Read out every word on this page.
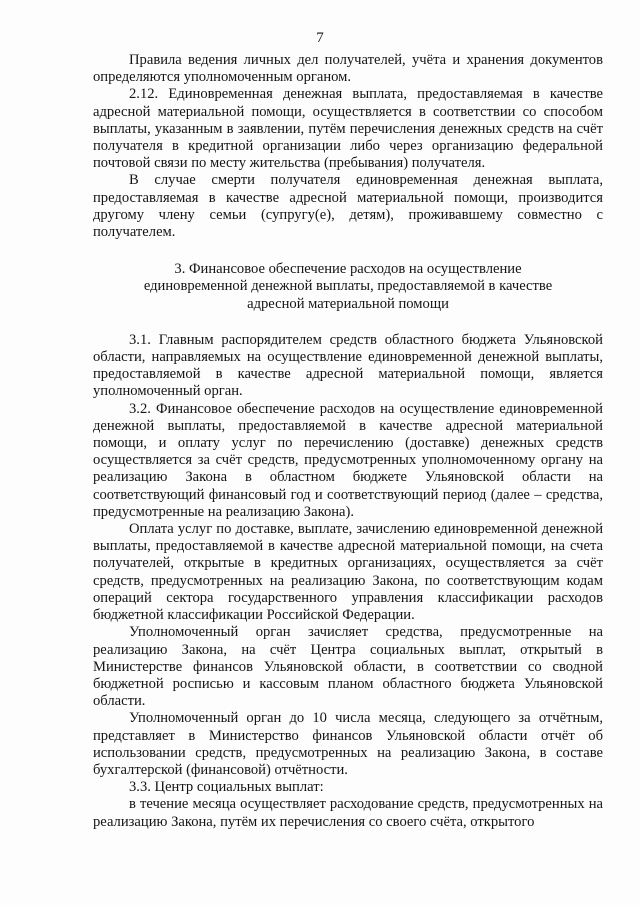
7

Правила ведения личных дел получателей, учёта и хранения документов определяются уполномоченным органом.

2.12. Единовременная денежная выплата, предоставляемая в качестве адресной материальной помощи, осуществляется в соответствии со способом выплаты, указанным в заявлении, путём перечисления денежных средств на счёт получателя в кредитной организации либо через организацию федеральной почтовой связи по месту жительства (пребывания) получателя.

В случае смерти получателя единовременная денежная выплата, предоставляемая в качестве адресной материальной помощи, производится другому члену семьи (супругу(е), детям), проживавшему совместно с получателем.

3. Финансовое обеспечение расходов на осуществление
единовременной денежной выплаты, предоставляемой в качестве
адресной материальной помощи

3.1. Главным распорядителем средств областного бюджета Ульяновской области, направляемых на осуществление единовременной денежной выплаты, предоставляемой в качестве адресной материальной помощи, является уполномоченный орган.

3.2. Финансовое обеспечение расходов на осуществление единовременной денежной выплаты, предоставляемой в качестве адресной материальной помощи, и оплату услуг по перечислению (доставке) денежных средств осуществляется за счёт средств, предусмотренных уполномоченному органу на реализацию Закона в областном бюджете Ульяновской области на соответствующий финансовый год и соответствующий период (далее – средства, предусмотренные на реализацию Закона).

Оплата услуг по доставке, выплате, зачислению единовременной денежной выплаты, предоставляемой в качестве адресной материальной помощи, на счета получателей, открытые в кредитных организациях, осуществляется за счёт средств, предусмотренных на реализацию Закона, по соответствующим кодам операций сектора государственного управления классификации расходов бюджетной классификации Российской Федерации.

Уполномоченный орган зачисляет средства, предусмотренные на реализацию Закона, на счёт Центра социальных выплат, открытый в Министерстве финансов Ульяновской области, в соответствии со сводной бюджетной росписью и кассовым планом областного бюджета Ульяновской области.

Уполномоченный орган до 10 числа месяца, следующего за отчётным, представляет в Министерство финансов Ульяновской области отчёт об использовании средств, предусмотренных на реализацию Закона, в составе бухгалтерской (финансовой) отчётности.

3.3. Центр социальных выплат:

в течение месяца осуществляет расходование средств, предусмотренных на реализацию Закона, путём их перечисления со своего счёта, открытого
